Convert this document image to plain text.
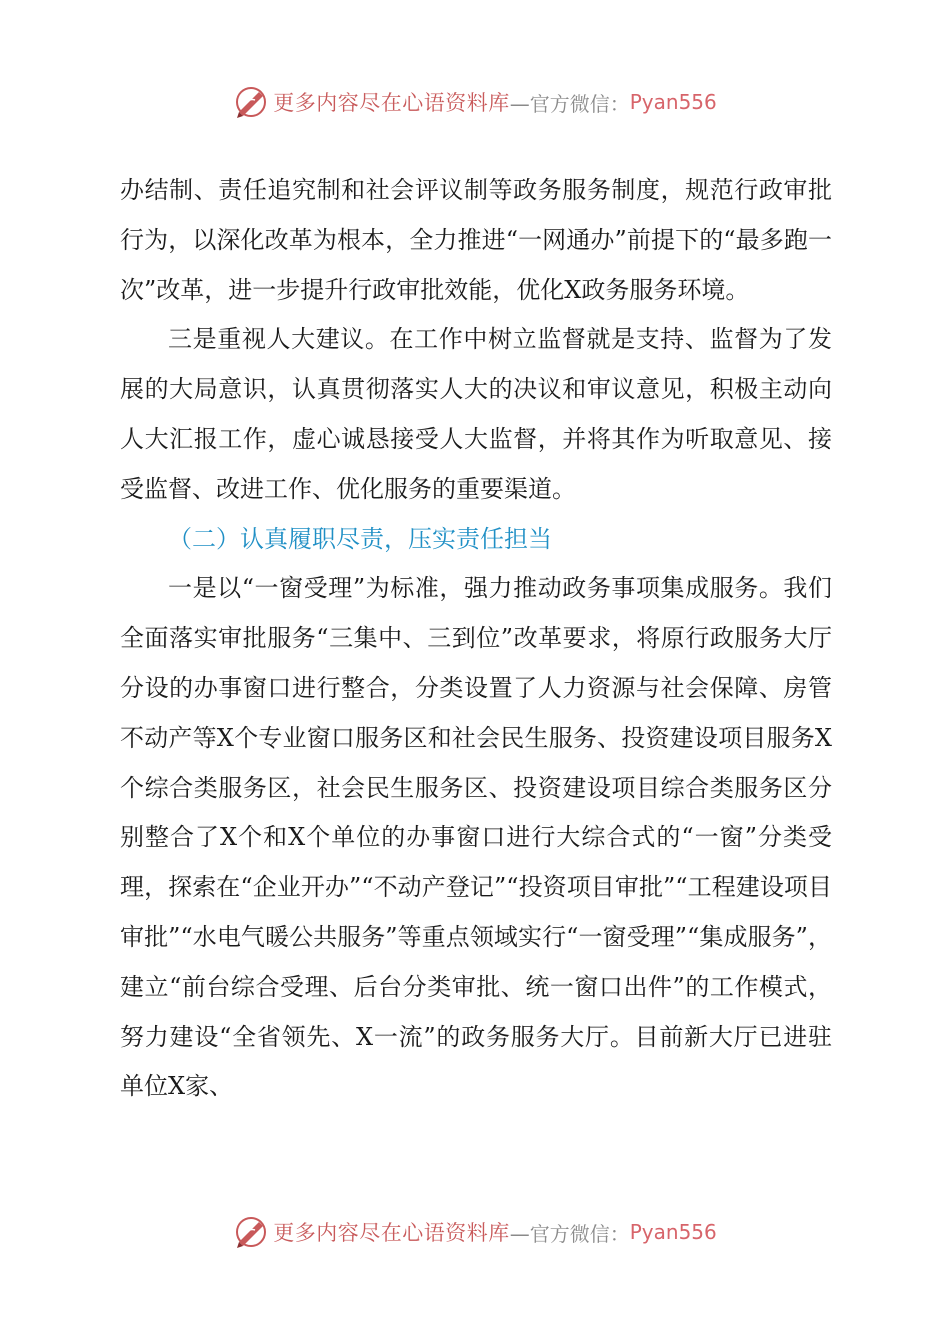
更多内容尽在心语资料库 —官方微信： Pyan556

办结制、责任追究制和社会评议制等政务服务制度，规范行政审批行为，以深化改革为根本，全力推进“一网通办”前提下的“最多跑一次”改革，进一步提升行政审批效能，优化X政务服务环境。

三是重视人大建议。在工作中树立监督就是支持、监督为了发展的大局意识，认真贯彻落实人大的决议和审议意见，积极主动向人大汇报工作，虚心诚恳接受人大监督，并将其作为听取意见、接受监督、改进工作、优化服务的重要渠道。

（二）认真履职尽责，压实责任担当

一是以“一窗受理”为标准，强力推动政务事项集成服务。我们全面落实审批服务“三集中、三到位”改革要求，将原行政服务大厅分设的办事窗口进行整合，分类设置了人力资源与社会保障、房管不动产等X个专业窗口服务区和社会民生服务、投资建设项目服务X个综合类服务区，社会民生服务区、投资建设项目综合类服务区分别整合了X个和X个单位的办事窗口进行大综合式的“一窗”分类受理，探索在“企业开办”“不动产登记”“投资项目审批”“工程建设项目审批”“水电气暖公共服务”等重点领域实行“一窗受理”“集成服务”，建立“前台综合受理、后台分类审批、统一窗口出件”的工作模式，努力建设“全省领先、X一流”的政务服务大厅。目前新大厅已进驻单位X家、

更多内容尽在心语资料库 —官方微信： Pyan556
